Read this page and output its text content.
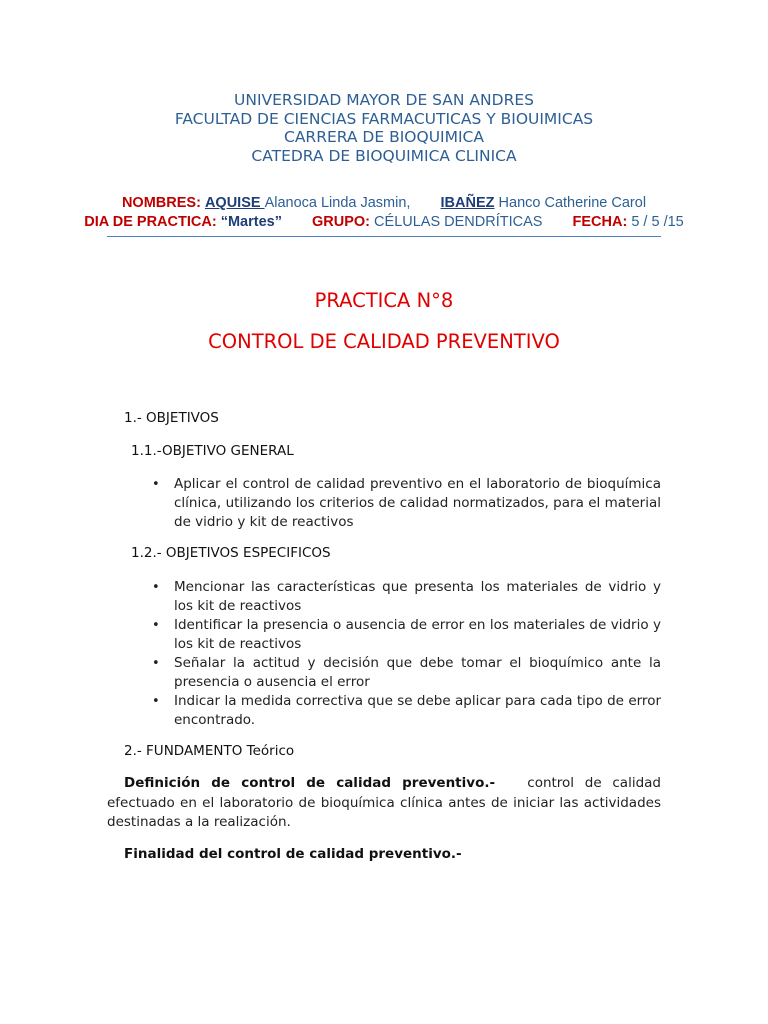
UNIVERSIDAD MAYOR DE SAN ANDRES
FACULTAD DE CIENCIAS FARMACUTICAS Y BIOUIMICAS
CARRERA DE BIOQUIMICA
CATEDRA DE BIOQUIMICA CLINICA
NOMBRES: AQUISE Alanoca Linda Jasmin, IBAÑEZ Hanco Catherine Carol
DIA DE PRACTICA: “Martes” GRUPO: CÉLULAS DENDRÍTICAS FECHA: 5 / 5 /15
PRACTICA N°8
CONTROL DE CALIDAD PREVENTIVO
1.- OBJETIVOS
1.1.-OBJETIVO GENERAL
• Aplicar el control de calidad preventivo en el laboratorio de bioquímica clínica, utilizando los criterios de calidad normatizados, para el material de vidrio y kit de reactivos
1.2.- OBJETIVOS ESPECIFICOS
• Mencionar las características que presenta los materiales de vidrio y los kit de reactivos
• Identificar la presencia o ausencia de error en los materiales de vidrio y los kit de reactivos
• Señalar la actitud y decisión que debe tomar el bioquímico ante la presencia o ausencia el error
• Indicar la medida correctiva que se debe aplicar para cada tipo de error encontrado.
2.- FUNDAMENTO Teórico
Definición de control de calidad preventivo.- control de calidad efectuado en el laboratorio de bioquímica clínica antes de iniciar las actividades destinadas a la realización.
Finalidad del control de calidad preventivo.-
